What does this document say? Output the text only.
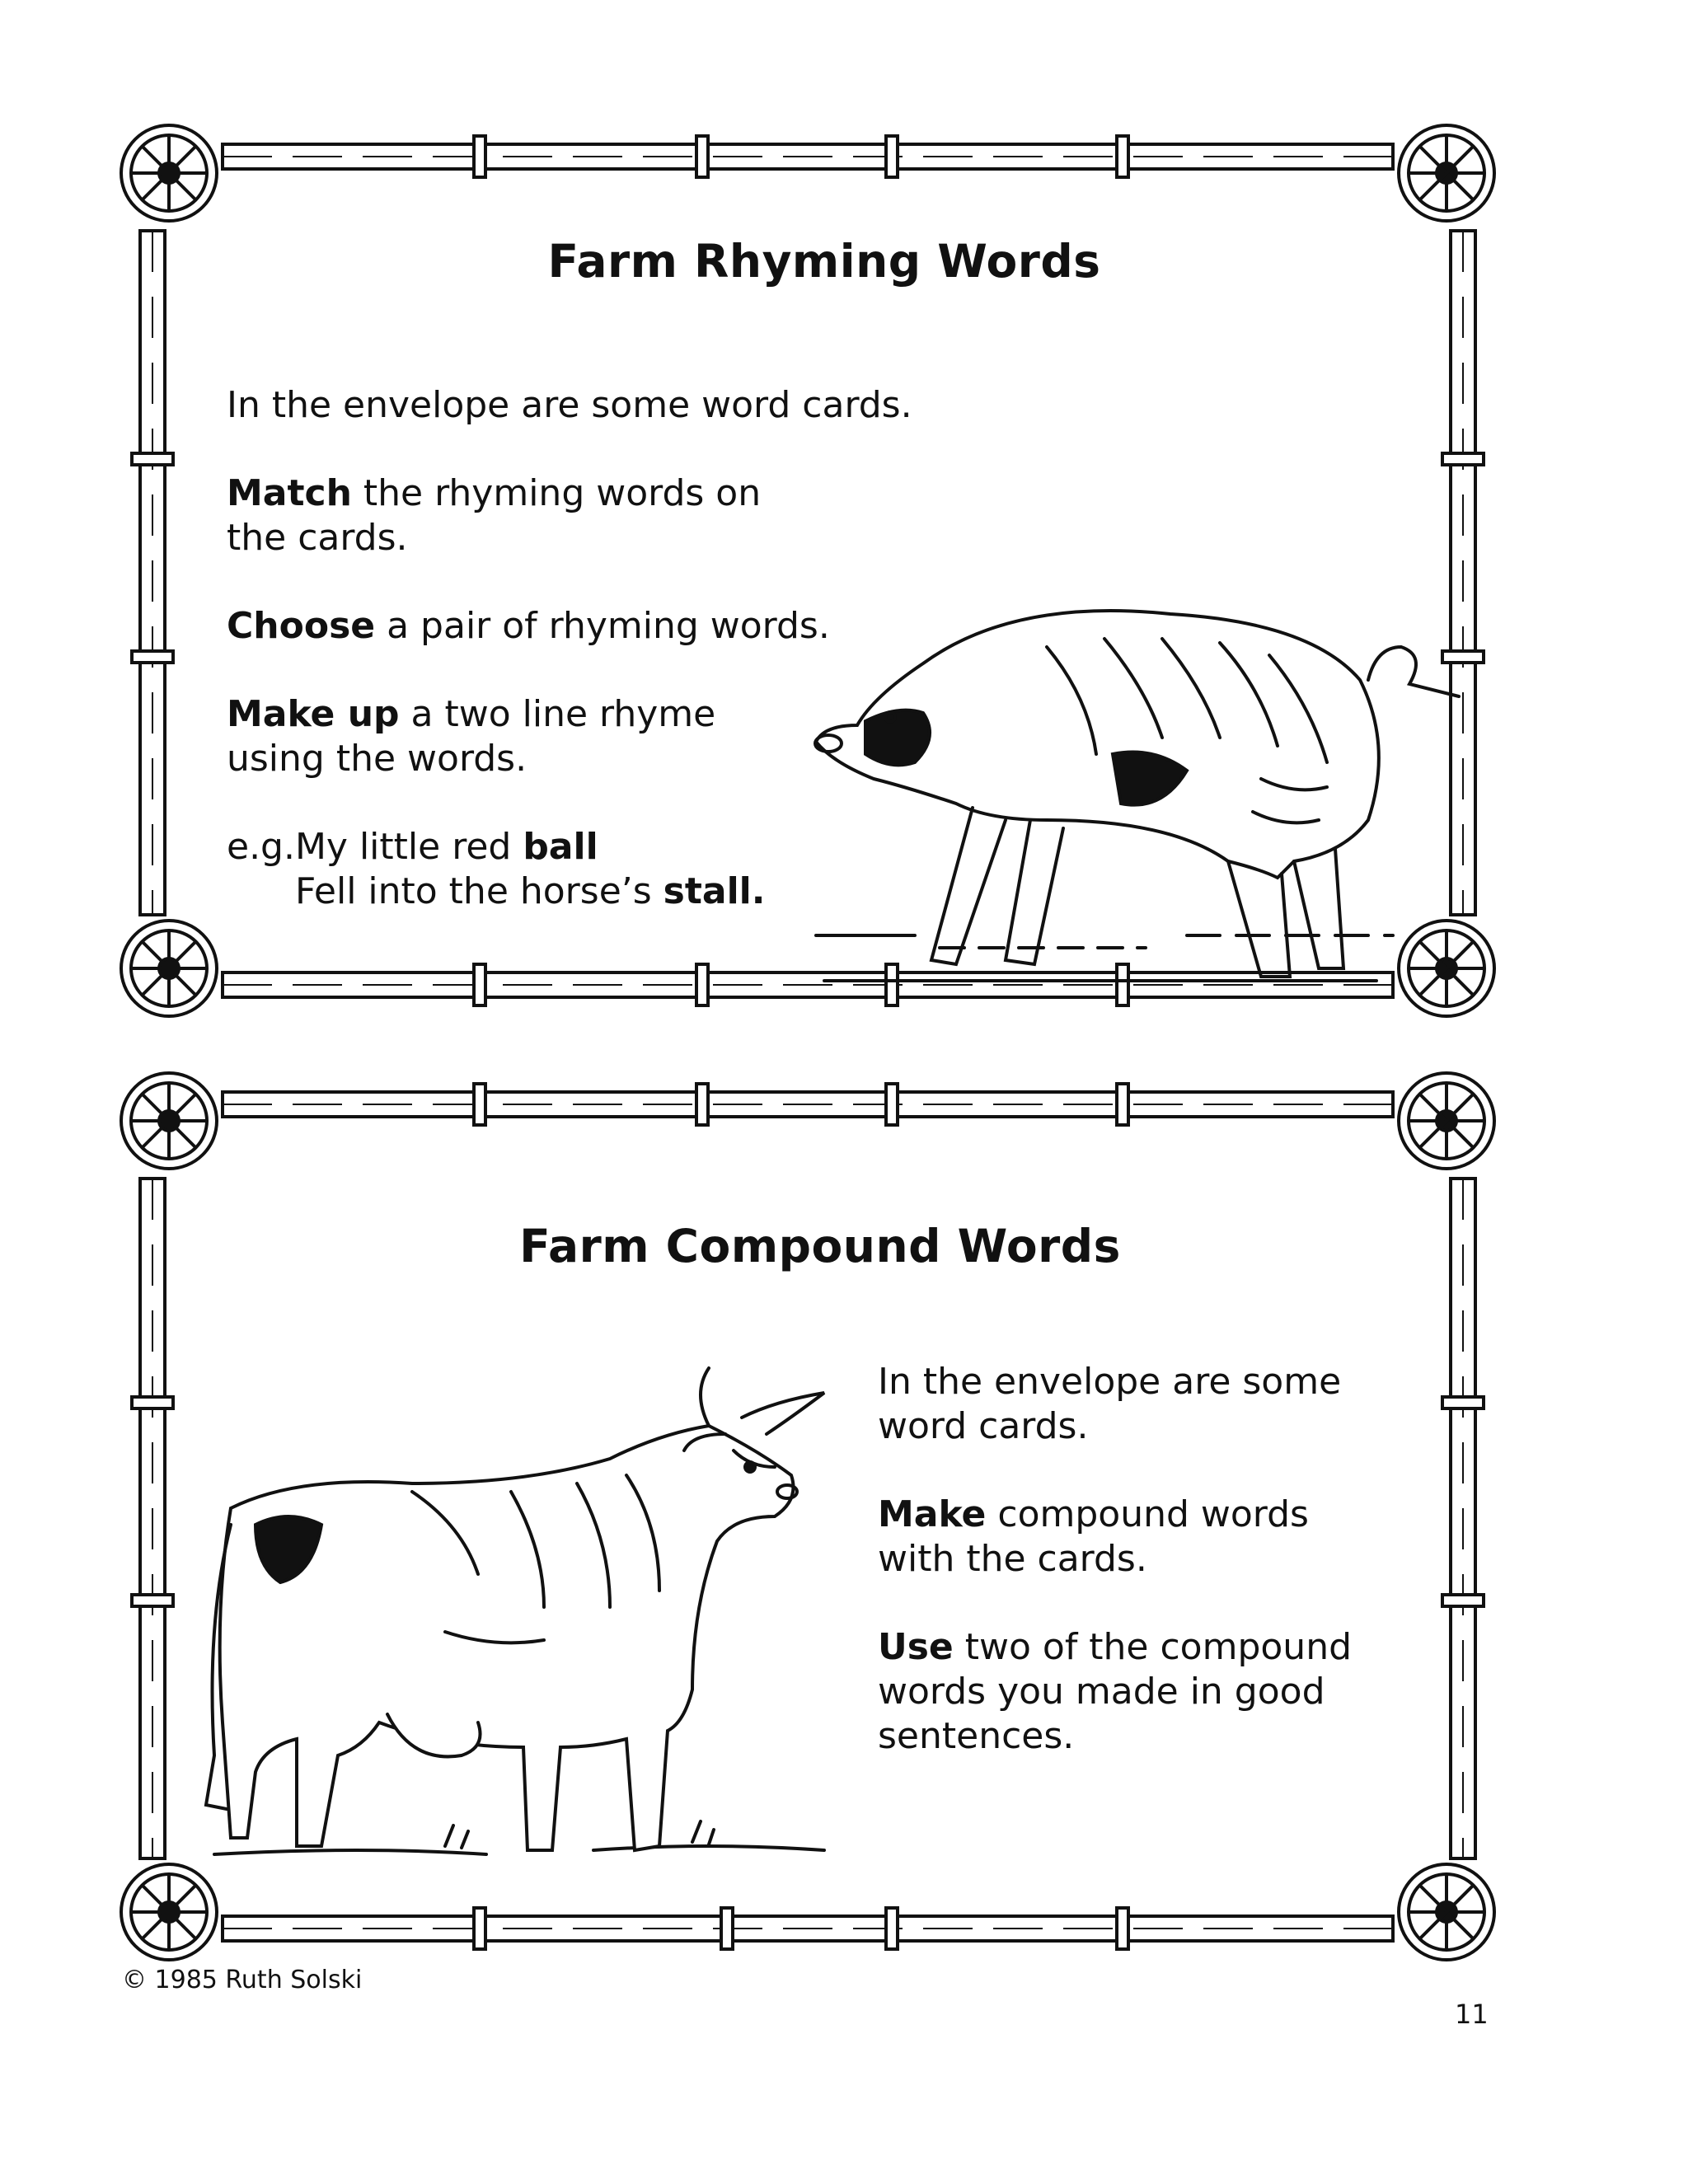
Farm Rhyming Words

In the envelope are some word cards.

Match the rhyming words on the cards.

Choose a pair of rhyming words.

Make up a two line rhyme using the words.

e.g.My little red ball
Fell into the horse’s stall.
Farm Compound Words

In the envelope are some word cards.

Make compound words with the cards.

Use two of the compound words you made in good sentences.

© 1985 Ruth Solski
11
